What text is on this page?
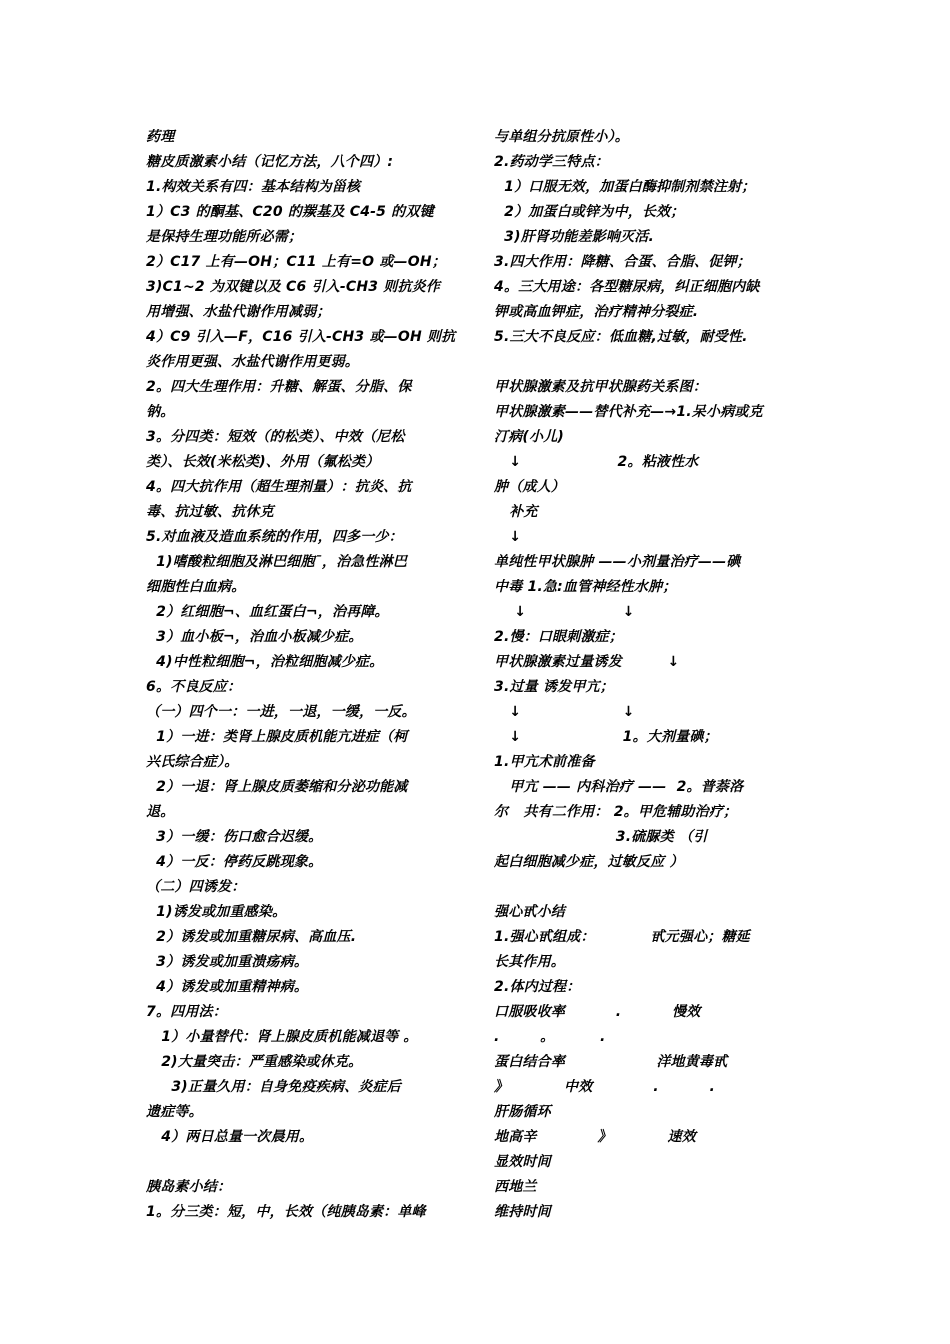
药理
糖皮质激素小结（记忆方法，八个四）:
1.构效关系有四：基本结构为甾核
1）C3 的酮基、C20 的羰基及 C4-5 的双键
是保持生理功能所必需；
2）C17 上有—OH；C11 上有=O 或—OH；
3)C1~2 为双键以及 C6 引入-CH3 则抗炎作
用增强、水盐代谢作用减弱；
4）C9 引入—F，C16 引入-CH3 或—OH 则抗
炎作用更强、水盐代谢作用更弱。
2。四大生理作用：升糖、解蛋、分脂、保
钠。
3。分四类：短效（的松类）、中效（尼松
类）、长效(米松类)、外用（氟松类）
4。四大抗作用（超生理剂量）：抗炎、抗
毒、抗过敏、抗休克
5.对血液及造血系统的作用，四多一少：
1)嗜酸粒细胞及淋巴细胞¯，治急性淋巴
细胞性白血病。
2）红细胞¬、血红蛋白¬，治再障。
3）血小板¬，治血小板减少症。
4)中性粒细胞¬，治粒细胞减少症。
6。不良反应：
（一）四个一：一进，一退，一缓，一反。
1）一进：类肾上腺皮质机能亢进症（柯
兴氏综合症）。
2）一退：肾上腺皮质萎缩和分泌功能减
退。
3）一缓：伤口愈合迟缓。
4）一反：停药反跳现象。
（二）四诱发：
1)诱发或加重感染。
2）诱发或加重糖尿病、高血压.
3）诱发或加重溃疡病。
4）诱发或加重精神病。
7。四用法：
1）小量替代：肾上腺皮质机能减退等 。
2)大量突击：严重感染或休克。
3)正量久用：自身免疫疾病、炎症后
遗症等。
4）两日总量一次晨用。
胰岛素小结：
1。分三类：短，中，长效（纯胰岛素：单峰
与单组分抗原性小）。
2.药动学三特点：
1）口服无效，加蛋白酶抑制剂禁注射；
2）加蛋白或锌为中，长效；
3)肝肾功能差影响灭活.
3.四大作用：降糖、合蛋、合脂、促钾；
4。三大用途：各型糖尿病，纠正细胞内缺
钾或高血钾症，治疗精神分裂症.
5.三大不良反应：低血糖,过敏，耐受性.
甲状腺激素及抗甲状腺药关系图：
甲状腺激素——替代补充—→1.呆小病或克
汀病(小儿)
↓                   2。粘液性水
肿（成人）
补充
↓
单纯性甲状腺肿 ——小剂量治疗——碘
中毒 1.急:血管神经性水肿；
↓                   ↓
2.慢：口眼刺激症；
甲状腺激素过量诱发         ↓
3.过量 诱发甲亢；
↓                    ↓
↓                    1。大剂量碘；
1.甲亢术前准备
甲亢 —— 内科治疗 ——  2。普萘洛
尔   共有二作用： 2。甲危辅助治疗；
3.硫脲类 （引
起白细胞减少症，过敏反应 ）
强心甙小结
1.强心甙组成：           甙元强心；糖延
长其作用。
2.体内过程：
口服吸收率          .          慢效
.        。         .
蛋白结合率                  洋地黄毒甙
》           中效            .          .
肝肠循环
地高辛            》           速效
显效时间
西地兰
维持时间
